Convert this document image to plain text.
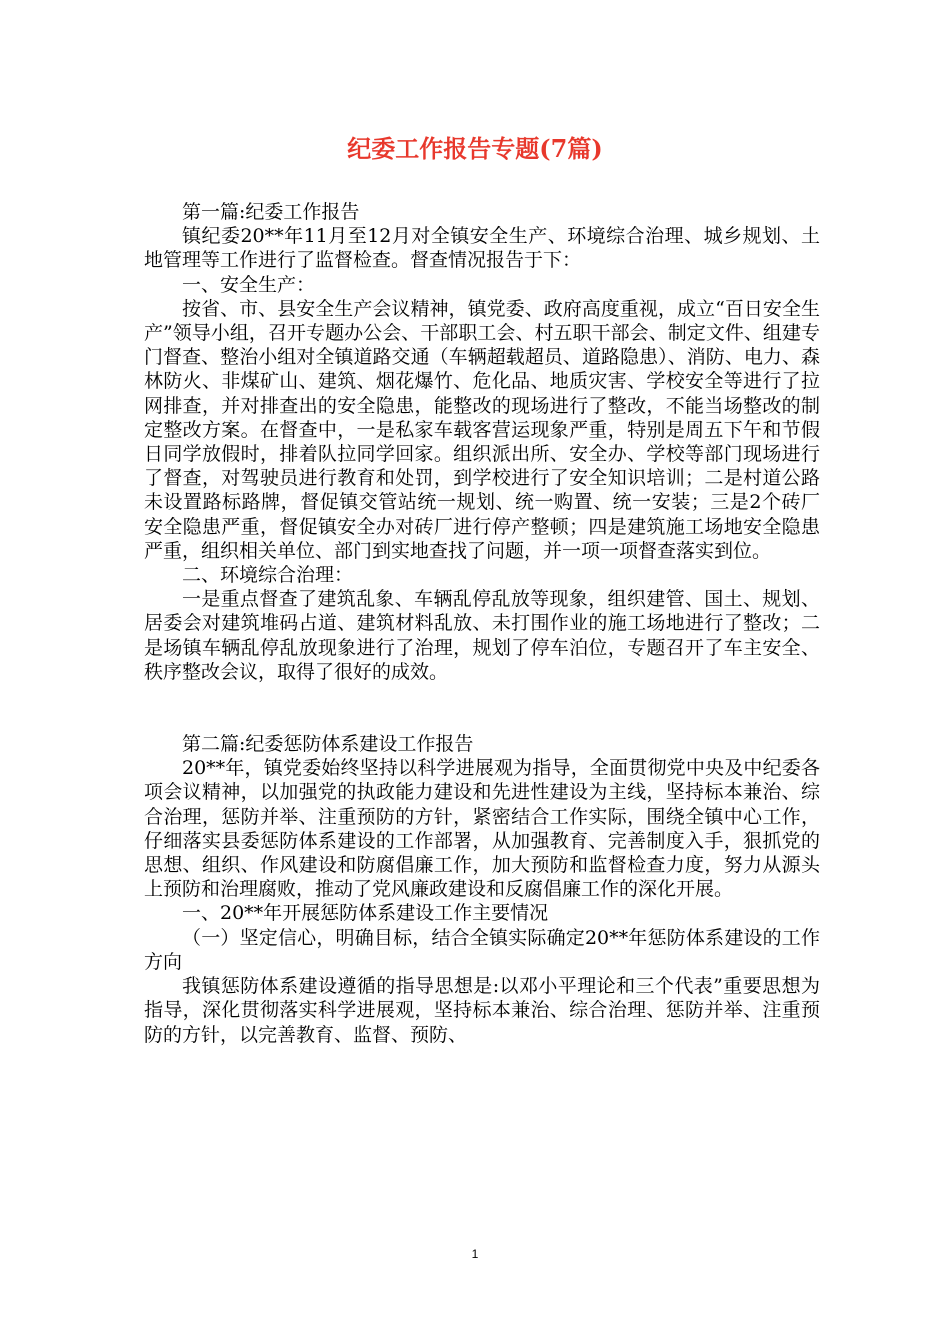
纪委工作报告专题(7篇)

第一篇:纪委工作报告

镇纪委20**年11月至12月对全镇安全生产、环境综合治理、城乡规划、土地管理等工作进行了监督检查。督查情况报告于下：

一、安全生产：

按省、市、县安全生产会议精神，镇党委、政府高度重视，成立“百日安全生产”领导小组，召开专题办公会、干部职工会、村五职干部会、制定文件、组建专门督查、整治小组对全镇道路交通（车辆超载超员、道路隐患）、消防、电力、森林防火、非煤矿山、建筑、烟花爆竹、危化品、地质灾害、学校安全等进行了拉网排查，并对排查出的安全隐患，能整改的现场进行了整改，不能当场整改的制定整改方案。在督查中，一是私家车载客营运现象严重，特别是周五下午和节假日同学放假时，排着队拉同学回家。组织派出所、安全办、学校等部门现场进行了督查，对驾驶员进行教育和处罚，到学校进行了安全知识培训；二是村道公路未设置路标路牌，督促镇交管站统一规划、统一购置、统一安装；三是2个砖厂安全隐患严重，督促镇安全办对砖厂进行停产整顿；四是建筑施工场地安全隐患严重，组织相关单位、部门到实地查找了问题，并一项一项督查落实到位。

二、环境综合治理：

一是重点督查了建筑乱象、车辆乱停乱放等现象，组织建管、国土、规划、居委会对建筑堆码占道、建筑材料乱放、未打围作业的施工场地进行了整改；二是场镇车辆乱停乱放现象进行了治理，规划了停车泊位，专题召开了车主安全、秩序整改会议，取得了很好的成效。

第二篇:纪委惩防体系建设工作报告

20**年，镇党委始终坚持以科学进展观为指导，全面贯彻党中央及中纪委各项会议精神，以加强党的执政能力建设和先进性建设为主线，坚持标本兼治、综合治理，惩防并举、注重预防的方针，紧密结合工作实际，围绕全镇中心工作，仔细落实县委惩防体系建设的工作部署，从加强教育、完善制度入手，狠抓党的思想、组织、作风建设和防腐倡廉工作，加大预防和监督检查力度，努力从源头上预防和治理腐败，推动了党风廉政建设和反腐倡廉工作的深化开展。

一、20**年开展惩防体系建设工作主要情况

（一）坚定信心，明确目标，结合全镇实际确定20**年惩防体系建设的工作方向

我镇惩防体系建设遵循的指导思想是:以邓小平理论和三个代表”重要思想为指导，深化贯彻落实科学进展观，坚持标本兼治、综合治理、惩防并举、注重预防的方针，以完善教育、监督、预防、

1
